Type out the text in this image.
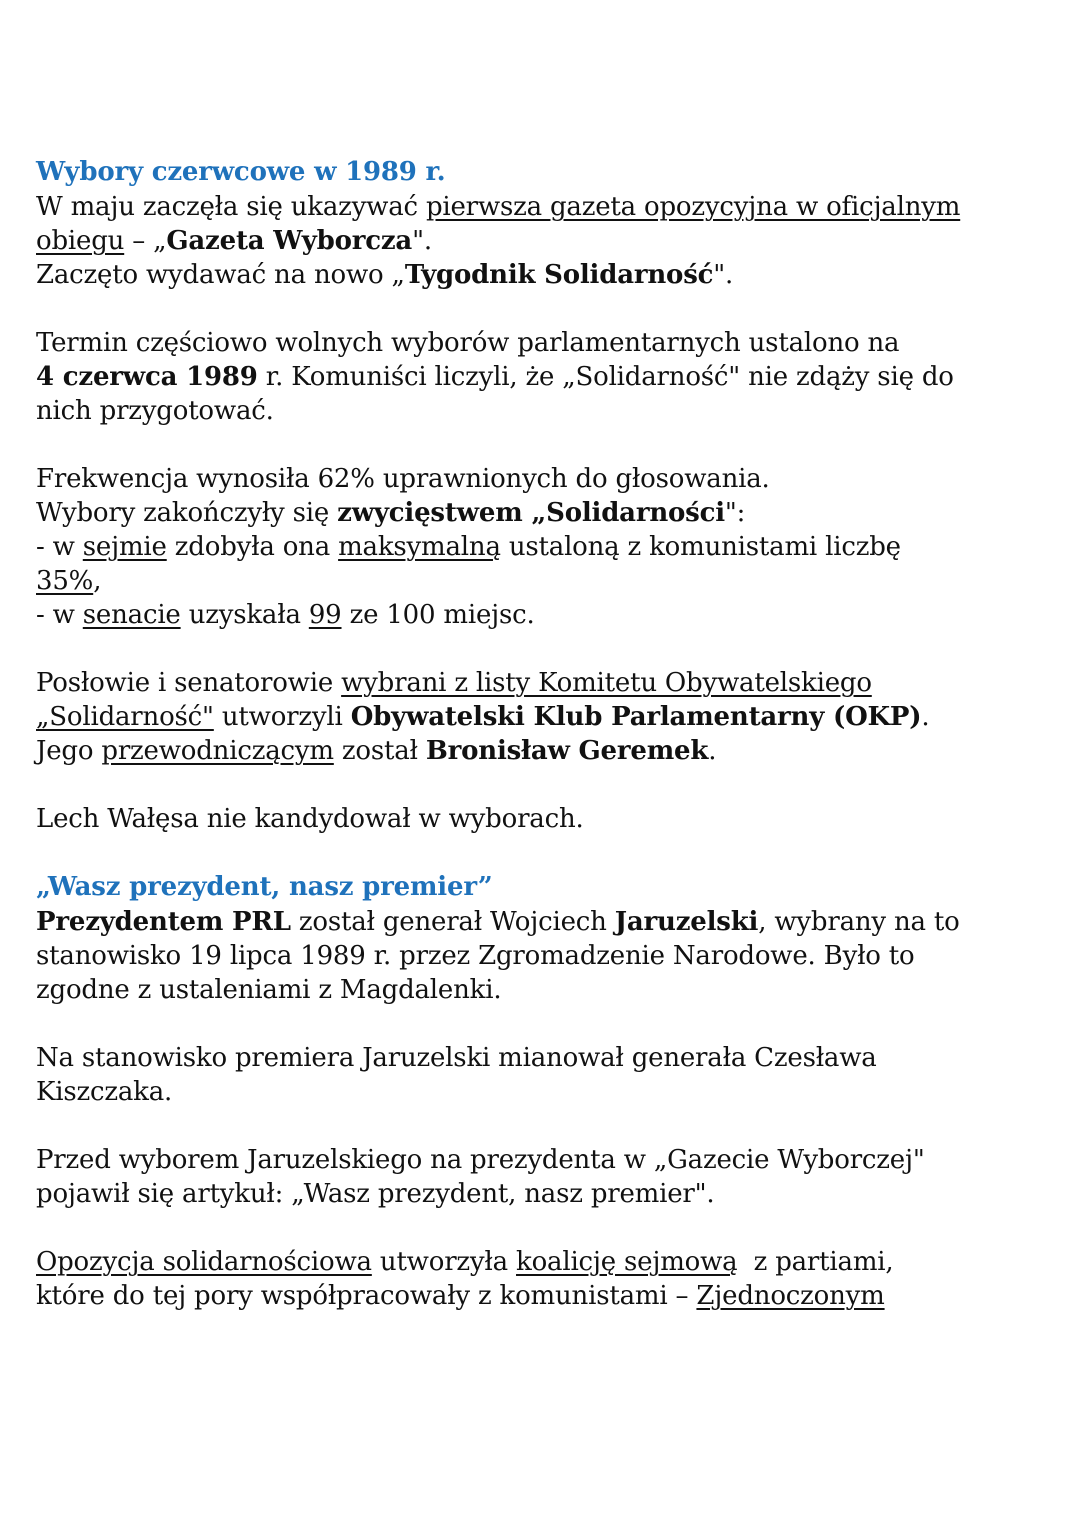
Wybory czerwcowe w 1989 r.
W maju zaczęła się ukazywać pierwsza gazeta opozycyjna w oficjalnym
obiegu – „Gazeta Wyborcza".
Zaczęto wydawać na nowo „Tygodnik Solidarność".
Termin częściowo wolnych wyborów parlamentarnych ustalono na
4 czerwca 1989 r. Komuniści liczyli, że „Solidarność" nie zdąży się do
nich przygotować.
Frekwencja wynosiła 62% uprawnionych do głosowania.
Wybory zakończyły się zwycięstwem „Solidarności":
- w sejmie zdobyła ona maksymalną ustaloną z komunistami liczbę
35%,
- w senacie uzyskała 99 ze 100 miejsc.
Posłowie i senatorowie wybrani z listy Komitetu Obywatelskiego
„Solidarność" utworzyli Obywatelski Klub Parlamentarny (OKP).
Jego przewodniczącym został Bronisław Geremek.
Lech Wałęsa nie kandydował w wyborach.
„Wasz prezydent, nasz premier”
Prezydentem PRL został generał Wojciech Jaruzelski, wybrany na to
stanowisko 19 lipca 1989 r. przez Zgromadzenie Narodowe. Było to
zgodne z ustaleniami z Magdalenki.
Na stanowisko premiera Jaruzelski mianował generała Czesława
Kiszczaka.
Przed wyborem Jaruzelskiego na prezydenta w „Gazecie Wyborczej"
pojawił się artykuł: „Wasz prezydent, nasz premier".
Opozycja solidarnościowa utworzyła koalicję sejmową  z partiami,
które do tej pory współpracowały z komunistami – Zjednoczonym
